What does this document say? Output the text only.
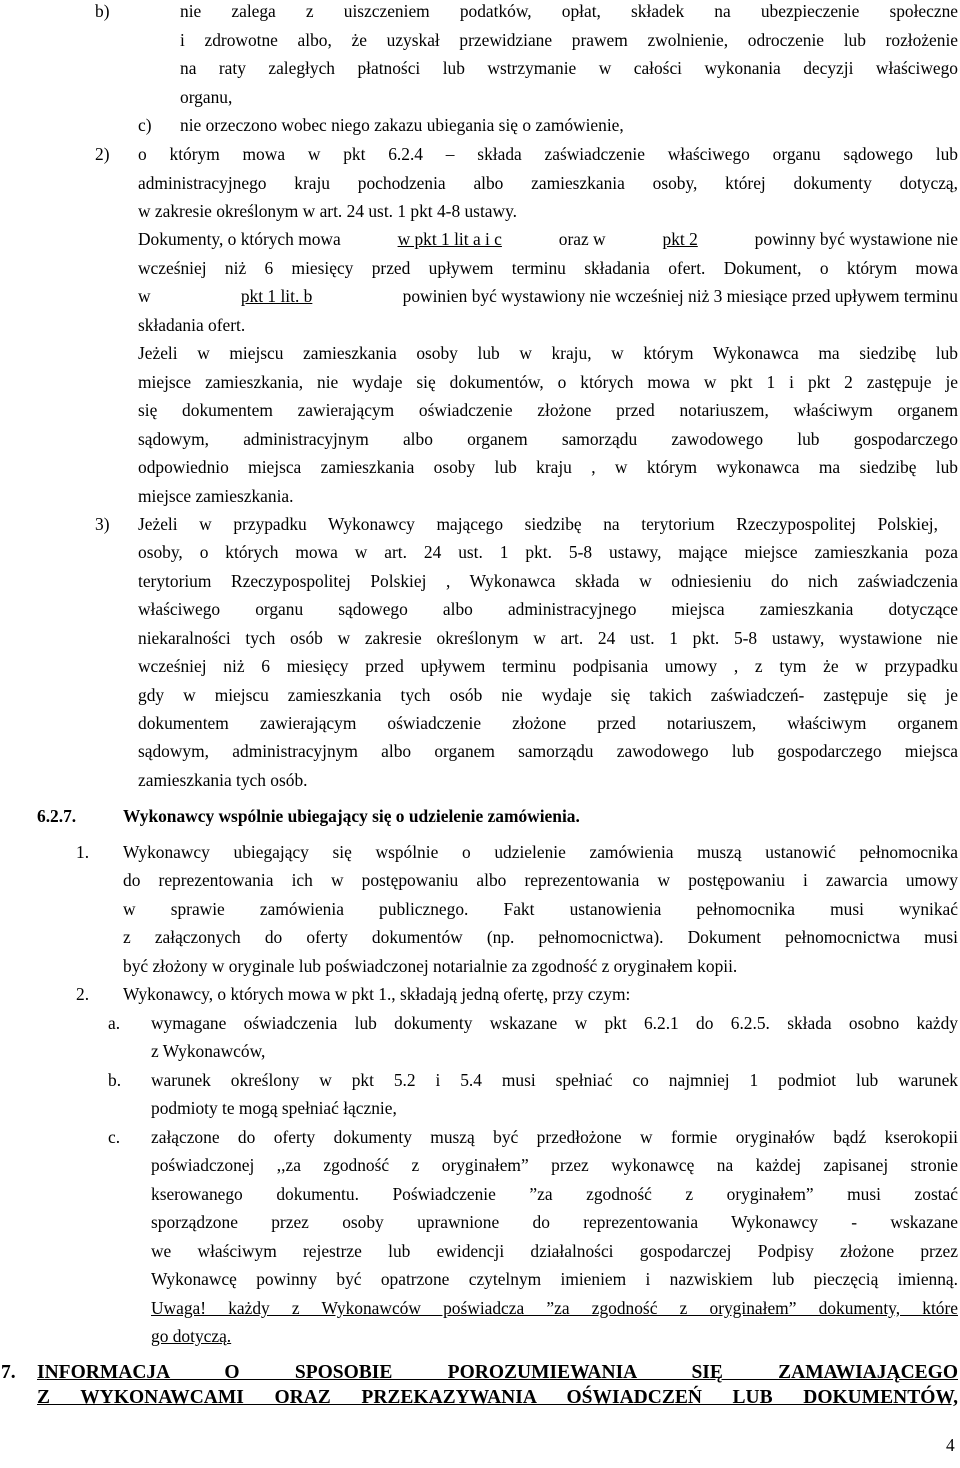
b)	nie zalega z uiszczeniem podatków, opłat, składek na ubezpieczenie społeczne
i zdrowotne albo, że uzyskał przewidziane prawem zwolnienie, odroczenie lub rozłożenie
na raty zaległych płatności lub wstrzymanie w całości wykonania decyzji właściwego
organu,
c) nie orzeczono wobec niego zakazu ubiegania się o zamówienie,
2) o którym mowa w pkt 6.2.4 – składa zaświadczenie właściwego organu sądowego lub
administracyjnego kraju pochodzenia albo zamieszkania osoby, której dokumenty dotyczą,
w zakresie określonym w art. 24 ust. 1 pkt 4-8 ustawy.
Dokumenty, o których mowa	w pkt 1 lit a i c	oraz w	pkt 2	powinny być wystawione nie
wcześniej niż 6 miesięcy przed upływem terminu składania ofert. Dokument, o którym mowa
w	pkt 1 lit. b	powinien być wystawiony nie wcześniej niż 3 miesiące przed upływem terminu
składania ofert.
Jeżeli w miejscu zamieszkania osoby lub w kraju, w którym Wykonawca ma siedzibę lub
miejsce zamieszkania, nie wydaje się dokumentów, o których mowa w pkt 1 i pkt 2 zastępuje je
się dokumentem zawierającym oświadczenie złożone przed notariuszem, właściwym organem
sądowym, administracyjnym albo organem samorządu zawodowego lub gospodarczego
odpowiednio miejsca zamieszkania osoby lub kraju , w którym wykonawca ma siedzibę lub
miejsce zamieszkania.
3) Jeżeli w przypadku Wykonawcy mającego siedzibę na terytorium Rzeczypospolitej Polskiej,
osoby, o których mowa w art. 24 ust. 1 pkt. 5-8 ustawy, mające miejsce zamieszkania poza
terytorium Rzeczypospolitej Polskiej , Wykonawca składa w odniesieniu do nich zaświadczenia
właściwego organu sądowego albo administracyjnego miejsca zamieszkania dotyczące
niekaralności tych osób w zakresie określonym w art. 24 ust. 1 pkt. 5-8 ustawy, wystawione nie
wcześniej niż 6 miesięcy przed upływem terminu podpisania umowy , z tym że w przypadku
gdy w miejscu zamieszkania tych osób nie wydaje się takich zaświadczeń- zastępuje się je
dokumentem zawierającym oświadczenie złożone przed notariuszem, właściwym organem
sądowym, administracyjnym albo organem samorządu zawodowego lub gospodarczego miejsca
zamieszkania tych osób.
6.2.7.	Wykonawcy wspólnie ubiegający się o udzielenie zamówienia.
1. Wykonawcy ubiegający się wspólnie o udzielenie zamówienia muszą ustanowić pełnomocnika
do reprezentowania ich w postępowaniu albo reprezentowania w postępowaniu i zawarcia umowy
w sprawie zamówienia publicznego. Fakt ustanowienia pełnomocnika musi wynikać
z załączonych do oferty dokumentów (np. pełnomocnictwa). Dokument pełnomocnictwa musi
być złożony w oryginale lub poświadczonej notarialnie za zgodność z oryginałem kopii.
2. Wykonawcy, o których mowa w pkt 1., składają jedną ofertę, przy czym:
a. wymagane oświadczenia lub dokumenty wskazane w pkt 6.2.1 do 6.2.5. składa osobno każdy
z Wykonawców,
b. warunek określony w pkt 5.2 i 5.4 musi spełniać co najmniej 1 podmiot lub warunek
podmioty te mogą spełniać łącznie,
c. załączone do oferty dokumenty muszą być przedłożone w formie oryginałów bądź kserokopii
poświadczonej ,,za zgodność z oryginałem” przez wykonawcę na każdej zapisanej stronie
kserowanego dokumentu. Poświadczenie ”za zgodność z oryginałem” musi zostać
sporządzone przez osoby uprawnione do reprezentowania Wykonawcy - wskazane
we właściwym rejestrze lub ewidencji działalności gospodarczej Podpisy złożone przez
Wykonawcę powinny być opatrzone czytelnym imieniem i nazwiskiem lub pieczęcią imienną.
Uwaga! każdy z Wykonawców poświadcza ”za zgodność z oryginałem” dokumenty, które
go dotyczą.
7. INFORMACJA O SPOSOBIE POROZUMIEWANIA SIĘ ZAMAWIAJĄCEGO
Z WYKONAWCAMI ORAZ PRZEKAZYWANIA OŚWIADCZEŃ LUB DOKUMENTÓW,
4
